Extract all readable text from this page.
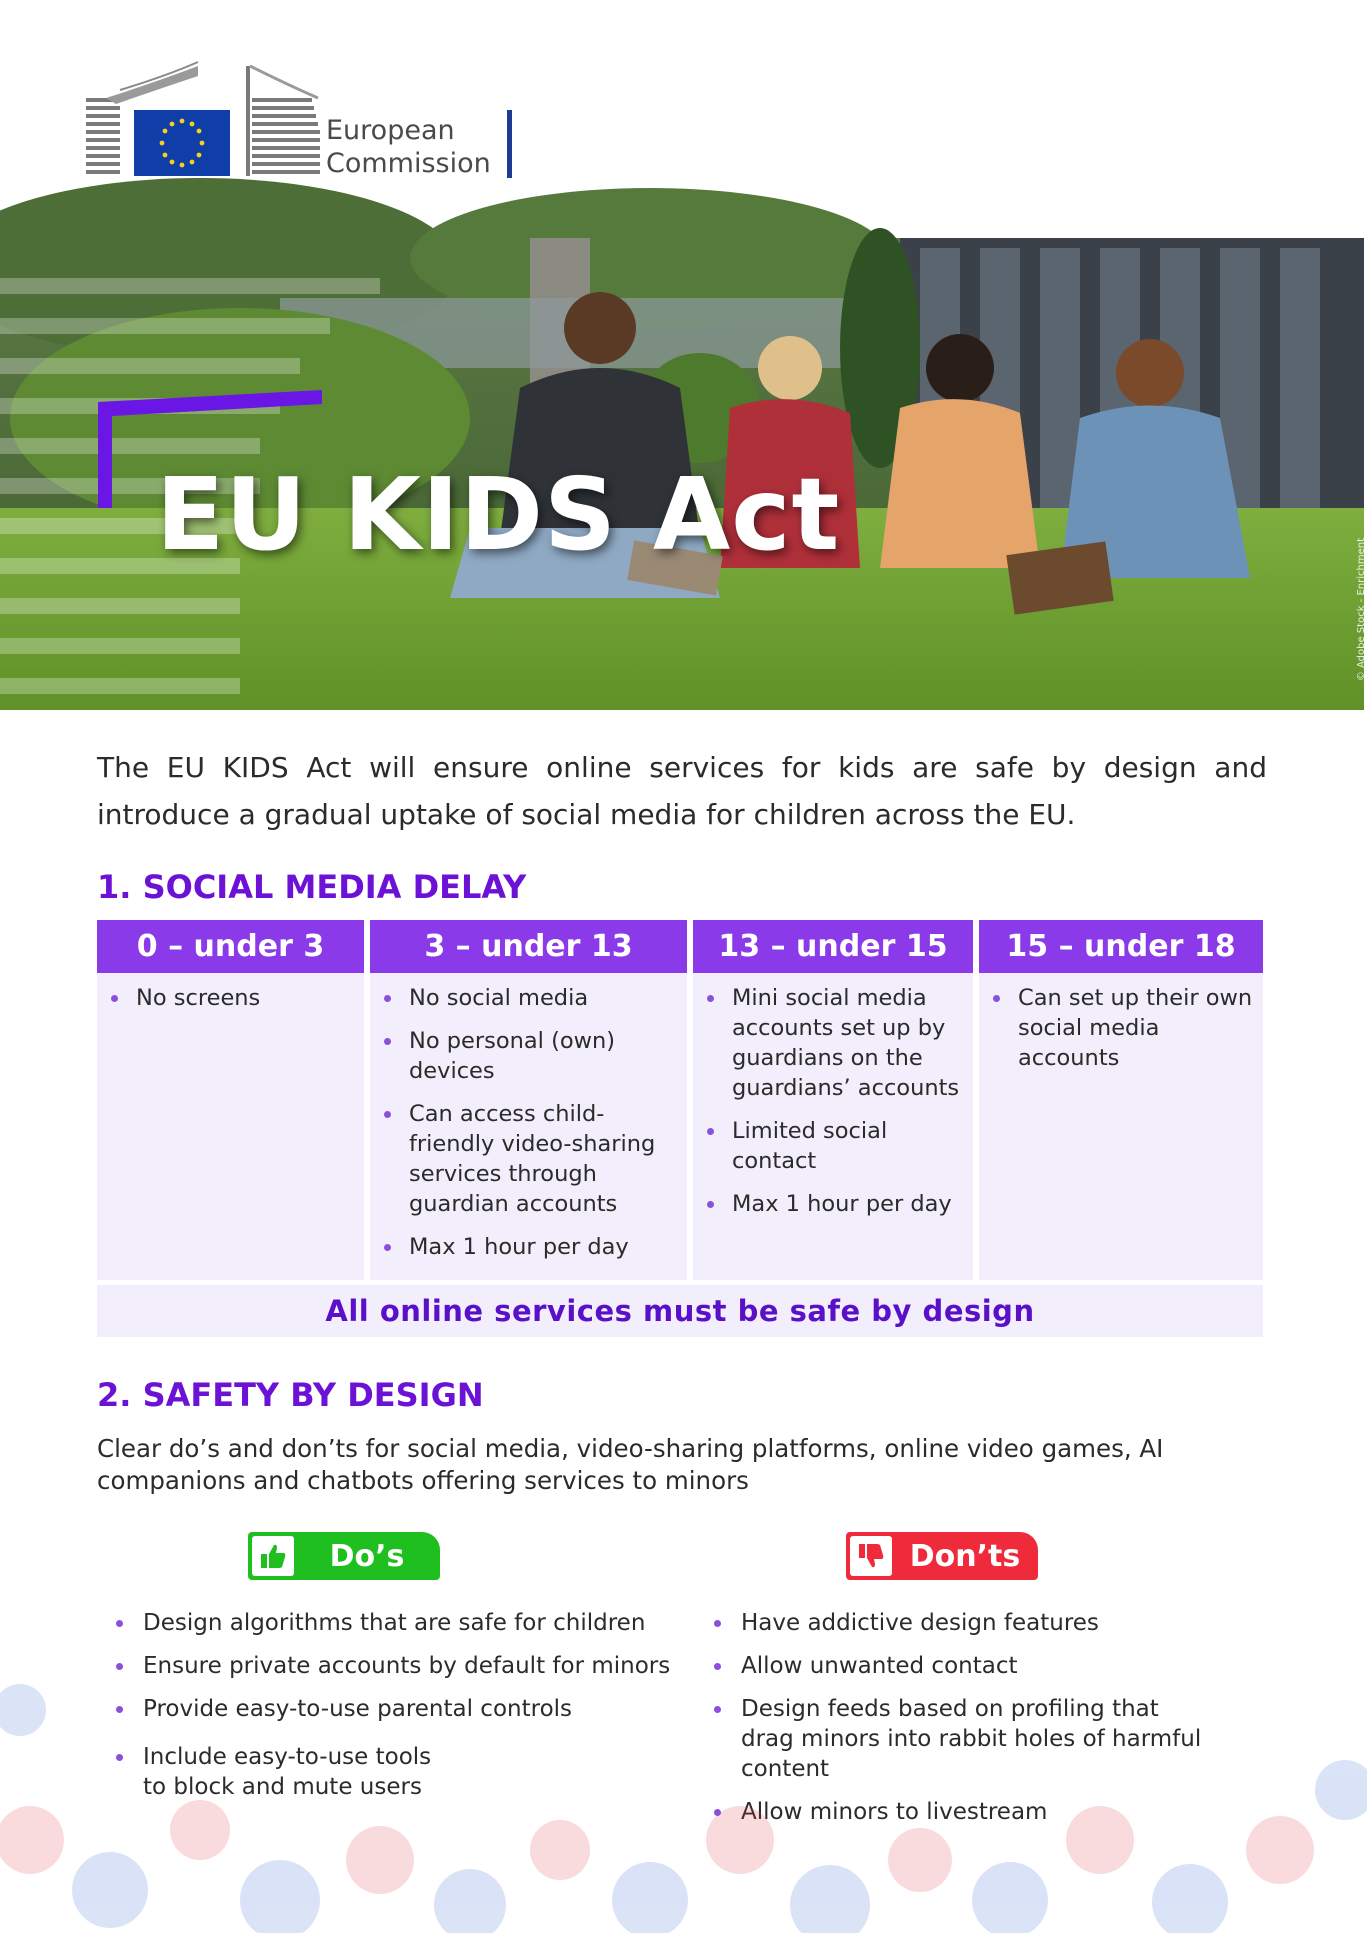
European
Commission
EU KIDS Act
© Adobe Stock - Enrichment

The EU KIDS Act will ensure online services for kids are safe by design and introduce a gradual uptake of social media for children across the EU.

1. SOCIAL MEDIA DELAY
0 – under 3
No screens
3 – under 13
No social media
No personal (own) devices
Can access child-friendly video-sharing services through guardian accounts
Max 1 hour per day
13 – under 15
Mini social media accounts set up by guardians on the guardians’ accounts
Limited social contact
Max 1 hour per day
15 – under 18
Can set up their own social media accounts
All online services must be safe by design
2. SAFETY BY DESIGN

Clear do’s and don’ts for social media, video-sharing platforms, online video games, AI companions and chatbots offering services to minors

Do’s	Don’ts
Design algorithms that are safe for children
Ensure private accounts by default for minors
Provide easy-to-use parental controls
Include easy-to-use tools to block and mute users
Have addictive design features
Allow unwanted contact
Design feeds based on profiling that drag minors into rabbit holes of harmful content
Allow minors to livestream
